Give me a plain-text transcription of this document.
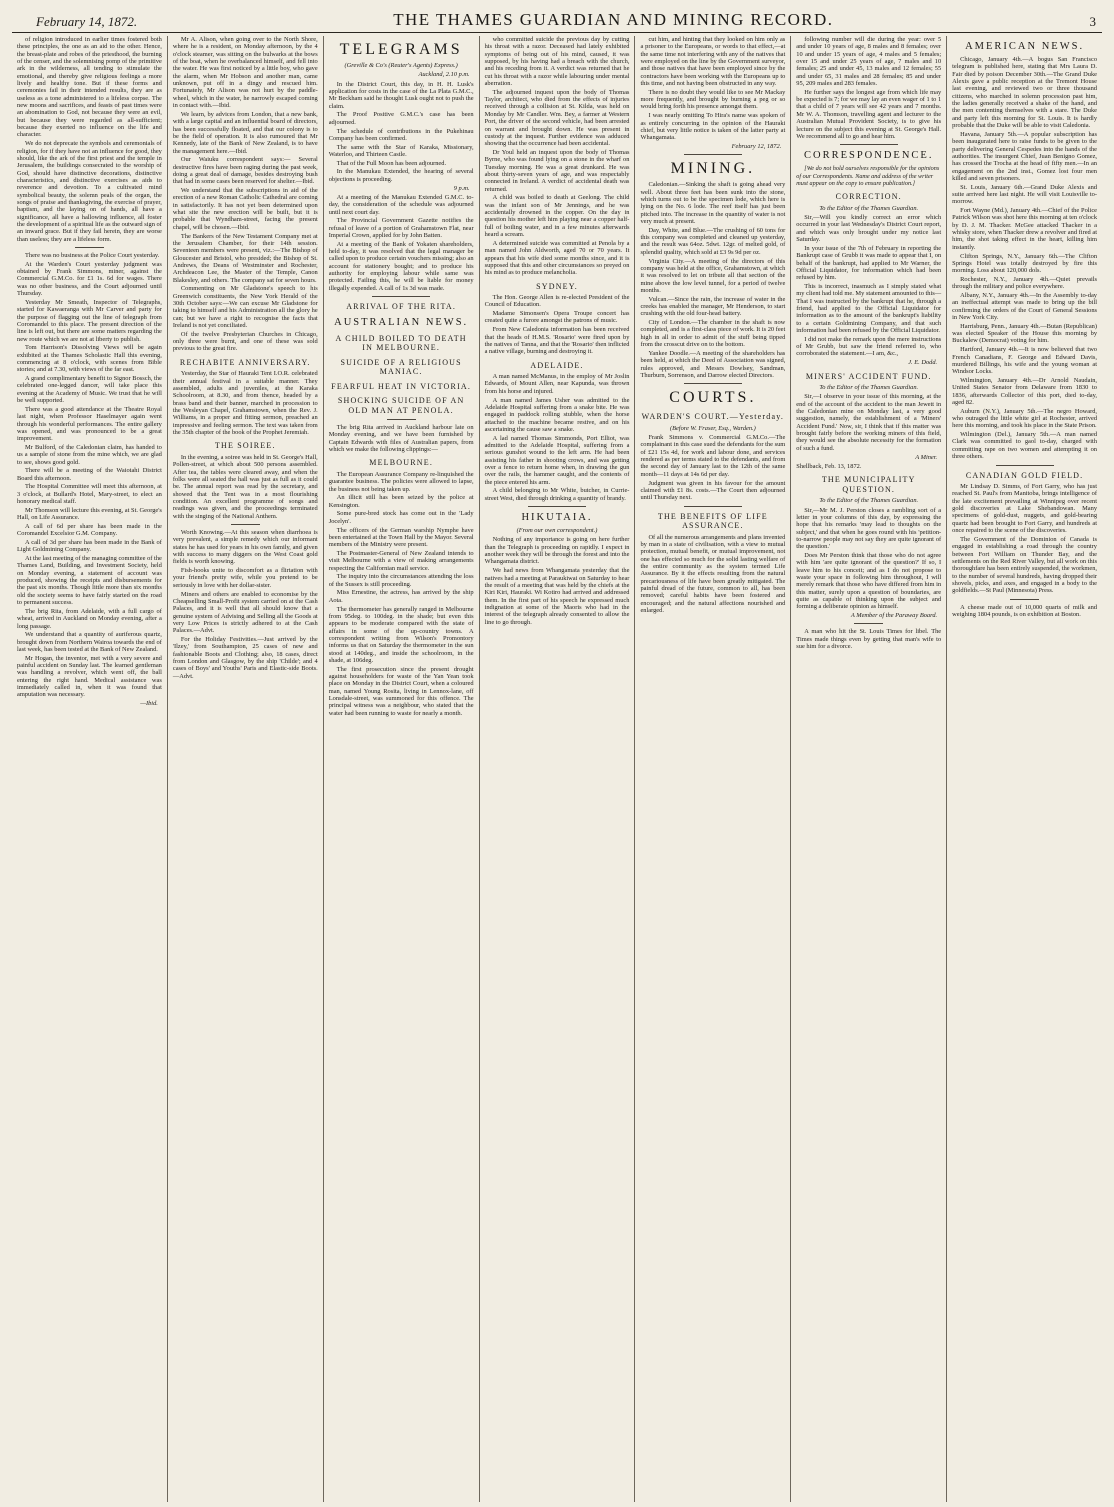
February 14, 1872.	THE THAMES GUARDIAN AND MINING RECORD.	3

of religion introduced in earlier times fostered both these principles, the one as an aid to the other. Hence, the breast-plate and robes of the priesthood, the burning of the censer, and the solemnising pomp of the primitive ark in the wilderness, all tending to stimulate the emotional, and thereby give religious feelings a more lively and healthy tone. But if these forms and ceremonies fail in their intended results, they are as useless as a tone administered to a lifeless corpse. The new moons and sacrifices, and feasts of past times were an abomination to God, not because they were an evil, but because they were regarded as all-sufficient; because they exerted no influence on the life and character.

We do not deprecate the symbols and ceremonials of religion, for if they have not an influence for good, they should, like the ark of the first priest and the temple in Jerusalem, the buildings consecrated to the worship of God, should have distinctive decorations, distinctive characteristics, and distinctive exercises as aids to reverence and devotion. To a cultivated mind symbolical beauty, the solemn peals of the organ, the songs of praise and thanksgiving, the exercise of prayer, baptism, and the laying on of hands, all have a significance, all have a hallowing influence, all foster the development of a spiritual life as the outward sign of an inward grace. But if they fail herein, they are worse than useless; they are a lifeless form.

There was no business at the Police Court yesterday.

At the Warden's Court yesterday judgment was obtained by Frank Simmons, miner, against the Commercial G.M.Co. for £1 1s. 6d for wages. There was no other business, and the Court adjourned until Thursday.

Yesterday Mr Smeath, Inspector of Telegraphs, started for Kawaeranga with Mr Carver and party for the purpose of flagging out the line of telegraph from Coromandel to this place. The present direction of the line is left out, but there are some matters regarding the new route which we are not at liberty to publish.

Tom Harrison's Dissolving Views will be again exhibited at the Thames Scholastic Hall this evening, commencing at 8 o'clock, with scenes from Bible stories; and at 7.30, with views of the far east.

A grand complimentary benefit to Signor Bossch, the celebrated one-legged dancer, will take place this evening at the Academy of Music. We trust that he will be well supported.

There was a good attendance at the Theatre Royal last night, when Professor Haselmayer again went through his wonderful performances. The entire gallery was opened, and was pronounced to be a great improvement.

Mr Bulford, of the Caledonian claim, has handed to us a sample of stone from the mine which, we are glad to see, shows good gold.

There will be a meeting of the Waiotahi District Board this afternoon.

The Hospital Committee will meet this afternoon, at 3 o'clock, at Bullard's Hotel, Mary-street, to elect an honorary medical staff.

Mr Thomson will lecture this evening, at St. George's Hall, on Life Assurance.

A call of 6d per share has been made in the Coromandel Excelsior G.M. Company.

A call of 3d per share has been made in the Bank of Light Goldmining Company.

At the last meeting of the managing committee of the Thames Land, Building, and Investment Society, held on Monday evening, a statement of account was produced, showing the receipts and disbursements for the past six months. Though little more than six months old the society seems to have fairly started on the road to permanent success.

The brig Rita, from Adelaide, with a full cargo of wheat, arrived in Auckland on Monday evening, after a long passage.

We understand that a quantity of auriferous quartz, brought down from Northern Wairoa towards the end of last week, has been tested at the Bank of New Zealand.

Mr Hogan, the inventor, met with a very severe and painful accident on Sunday last. The learned gentleman was handling a revolver, which went off, the ball entering the right hand. Medical assistance was immediately called in, when it was found that amputation was necessary.

—Ibid.

Mr A. Alison, when going over to the North Shore, where he is a resident, on Monday afternoon, by the 4 o'clock steamer, was sitting on the bulwarks at the bows of the boat, when he overbalanced himself, and fell into the water. He was first noticed by a little boy, who gave the alarm, when Mr Hobson and another man, came unknown, put off in a dingy and rescued him. Fortunately, Mr Alison was not hurt by the paddle-wheel, which in the water, he narrowly escaped coming in contact with.—Ibid.

We learn, by advices from London, that a new bank, with a large capital and an influential board of directors, has been successfully floated, and that our colony is to be the field of operation. It is also rumoured that Mr Kennedy, late of the Bank of New Zealand, is to have the management here.—Ibid.

Our Waiuku correspondent says:— Several destructive fires have been raging during the past week, doing a great deal of damage, besides destroying bush that had in some cases been reserved for shelter.—Ibid.

We understand that the subscriptions in aid of the erection of a new Roman Catholic Cathedral are coming in satisfactorily. It has not yet been determined upon what site the new erection will be built, but it is probable that Wyndham-street, facing the present chapel, will be chosen.—Ibid.

The Bankers of the New Testament Company met at the Jerusalem Chamber, for their 14th session. Seventeen members were present, viz.:—The Bishop of Gloucester and Bristol, who presided; the Bishop of St. Andrews, the Deans of Westminster and Rochester, Archdeacon Lee, the Master of the Temple, Canon Blakesley, and others. The company sat for seven hours.

Commenting on Mr Gladstone's speech to his Greenwich constituents, the New York Herald of the 30th October says:—We can excuse Mr Gladstone for taking to himself and his Administration all the glory he can; but we have a right to recognise the facts that Ireland is not yet conciliated.

Of the twelve Presbyterian Churches in Chicago, only three were burnt, and one of these was sold previous to the great fire.

RECHABITE ANNIVERSARY.

Yesterday, the Star of Hauraki Tent I.O.R. celebrated their annual festival in a suitable manner. They assembled, adults and juveniles, at the Karaka Schoolroom, at 8.30, and from thence, headed by a brass band and their banner, marched in procession to the Wesleyan Chapel, Grahamstown, when the Rev. J. Williams, in a proper and fitting sermon, preached an impressive and feeling sermon. The text was taken from the 35th chapter of the book of the Prophet Jeremiah.

THE SOIREE.

In the evening, a soiree was held in St. George's Hall, Pollen-street, at which about 500 persons assembled. After tea, the tables were cleared away, and when the folks were all seated the hall was just as full as it could be. The annual report was read by the secretary, and showed that the Tent was in a most flourishing condition. An excellent programme of songs and readings was given, and the proceedings terminated with the singing of the National Anthem.

Worth Knowing.—At this season when diarrhoea is very prevalent, a simple remedy which our informant states he has used for years in his own family, and given with success to many diggers on the West Coast gold fields is worth knowing.

Fish-hooks unite to discomfort as a flirtation with your friend's pretty wife, while you pretend to be seriously in love with her dollar-sister.

Miners and others are enabled to economise by the Cheapselling Small-Profit system carried on at the Cash Palaces, and it is well that all should know that a genuine system of Advising and Selling all the Goods at very Low Prices is strictly adhered to at the Cash Palaces.—Advt.

For the Holiday Festivities.—Just arrived by the 'Ilzey,' from Southampton, 25 cases of new and fashionable Boots and Clothing; also, 18 cases, direct from London and Glasgow, by the ship 'Childe'; and 4 cases of Boys' and Youths' Paris and Elastic-side Boots.—Advt.

TELEGRAMS
(Greville & Co's (Reuter's Agents) Express.)
Auckland, 2.10 p.m.

In the District Court, this day, in H. H. Lusk's application for costs in the case of the La Plata G.M.C., Mr Beckham said he thought Lusk ought not to push the claim.

The Proof Positive G.M.C.'s case has been adjourned.

The schedule of contributions in the Pukehinau Company has been confirmed.

The same with the Star of Karaka, Missionary, Waterloo, and Thirteen Castle.

That of the Full Moon has been adjourned.

In the Manukau Extended, the hearing of several objections is proceeding.

9 p.m.

At a meeting of the Manukau Extended G.M.C. to-day, the consideration of the schedule was adjourned until next court day.

The Provincial Government Gazette notifies the refusal of leave of a portion of Grahamstown Flat, near Imperial Crown, applied for by John Batten.

At a meeting of the Bank of Yokaten shareholders, held to-day, it was resolved that the legal manager be called upon to produce certain vouchers missing; also an account for stationery bought; and to produce his authority for employing labour while same was protected. Failing this, he will be liable for money illegally expended. A call of 1s 3d was made.

ARRIVAL OF THE RITA.
AUSTRALIAN NEWS.
A CHILD BOILED TO DEATH IN MELBOURNE.
SUICIDE OF A RELIGIOUS MANIAC.
FEARFUL HEAT IN VICTORIA.
SHOCKING SUICIDE OF AN OLD MAN AT PENOLA.

The brig Rita arrived in Auckland harbour late on Monday evening, and we have been furnished by Captain Edwards with files of Australian papers, from which we make the following clippings:—

MELBOURNE.

The European Assurance Company re-linquished the guarantee business. The policies were allowed to lapse, the business not being taken up.

An illicit still has been seized by the police at Kensington.

Some pure-bred stock has come out in the 'Lady Jocelyn'.

The officers of the German warship Nymphe have been entertained at the Town Hall by the Mayor. Several members of the Ministry were present.

The Postmaster-General of New Zealand intends to visit Melbourne with a view of making arrangements respecting the Californian mail service.

The inquiry into the circumstances attending the loss of the Sussex is still proceeding.

Miss Ernestine, the actress, has arrived by the ship Aota.

The thermometer has generally ranged in Melbourne from 95deg. to 100deg. in the shade; but even this appears to be moderate compared with the state of affairs in some of the up-country towns. A correspondent writing from Wilson's Promontory informs us that on Saturday the thermometer in the sun stood at 140deg., and inside the schoolroom, in the shade, at 106deg.

The first prosecution since the present drought against householders for waste of the Yan Yean took place on Monday in the District Court, when a coloured man, named Young Rosita, living in Lennox-lane, off Lonsdale-street, was summoned for this offence. The principal witness was a neighbour, who stated that the water had been running to waste for nearly a month.

who committed suicide the previous day by cutting his throat with a razor. Deceased had lately exhibited symptoms of being out of his mind, caused, it was supposed, by his having had a breach with the church, and his receding from it. A verdict was returned that he cut his throat with a razor while labouring under mental aberration.

The adjourned inquest upon the body of Thomas Taylor, architect, who died from the effects of injuries received through a collision at St. Kilda, was held on Monday by Mr Candler. Wm. Bey, a farmer at Western Port, the driver of the second vehicle, had been arrested on warrant and brought down. He was present in custody at the inquest. Further evidence was adduced showing that the occurrence had been accidental.

Dr Youl held an inquest upon the body of Thomas Byrne, who was found lying on a stone in the wharf on Tuesday morning. He was a great drunkard. He was about thirty-seven years of age, and was respectably connected in Ireland. A verdict of accidental death was returned.

A child was boiled to death at Geelong. The child was the infant son of Mr Jennings, and he was accidentally drowned in the copper. On the day in question his mother left him playing near a copper half-full of boiling water, and in a few minutes afterwards heard a scream.

A determined suicide was committed at Penola by a man named John Aldworth, aged 70 or 70 years. It appears that his wife died some months since, and it is supposed that this and other circumstances so preyed on his mind as to produce melancholia.

SYDNEY.

The Hon. George Allen is re-elected President of the Council of Education.

Madame Simonsen's Opera Troupe concert has created quite a furore amongst the patrons of music.

From New Caledonia information has been received that the heads of H.M.S. 'Rosario' were fired upon by the natives of Tanna, and that the 'Rosario' then inflicted a native village, burning and destroying it.

ADELAIDE.

A man named McManus, in the employ of Mr Joslin Edwards, of Mount Allen, near Kapunda, was thrown from his horse and injured.

A man named James Usher was admitted to the Adelaide Hospital suffering from a snake bite. He was engaged in paddock rolling stubble, when the horse attached to the machine became restive, and on his ascertaining the cause saw a snake.

A lad named Thomas Simmonds, Port Elliot, was admitted to the Adelaide Hospital, suffering from a serious gunshot wound to the left arm. He had been assisting his father in shooting crows, and was getting over a fence to return home when, in drawing the gun over the rails, the hammer caught, and the contents of the piece entered his arm.

A child belonging to Mr White, butcher, in Currie-street West, died through drinking a quantity of brandy.

HIKUTAIA.
(From our own correspondent.)

Nothing of any importance is going on here further than the Telegraph is proceeding on rapidly. I expect in another week they will be through the forest and into the Whangamata district.

We had news from Whangamata yesterday that the natives had a meeting at Paraukiwai on Saturday to hear the result of a meeting that was held by the chiefs at the Kiri Kiri, Hauraki. Wi Kotiro had arrived and addressed them. In the first part of his speech he expressed much indignation at some of the Maoris who had in the interest of the telegraph already consented to allow the line to go through.

cut him, and hinting that they looked on him only as a prisoner to the Europeans, or words to that effect,—at the same time not interfering with any of the natives that were employed on the line by the Government surveyor, and those natives that have been employed since by the contractors have been working with the Europeans up to this time, and not having been obstructed in any way.

There is no doubt they would like to see Mr Mackay more frequently, and brought by burning a peg or so would bring forth his presence amongst them.

I was nearly omitting To Hira's name was spoken of as entirely concurring in the opinion of the Hauraki chief, but very little notice is taken of the latter party at Whangamata.

February 12, 1872.
MINING.

Caledonian.—Sinking the shaft is going ahead very well. About three feet has been sunk into the stone, which turns out to be the specimen lode, which here is lying on the No. 6 lode. The reef itself has just been pitched into. The increase in the quantity of water is not very much at present.

Day, White, and Blue.—The crushing of 60 tons for this company was completed and cleaned up yesterday, and the result was 64oz. 5dwt. 12gr. of melted gold, of splendid quality, which sold at £3 9s 9d per oz.

Virginia City.—A meeting of the directors of this company was held at the office, Grahamstown, at which it was resolved to let on tribute all that section of the mine above the low level tunnel, for a period of twelve months.

Vulcan.—Since the rain, the increase of water in the creeks has enabled the manager, Mr Henderson, to start crushing with the old four-head battery.

City of London.—The chamber in the shaft is now completed, and is a first-class piece of work. It is 20 feet high in all in order to admit of the stuff being tipped from the crosscut drive on to the bottom.

Yankee Doodle.—A meeting of the shareholders has been held, at which the Deed of Association was signed, rules approved, and Messrs Dowlsey, Sandman, Thurburn, Sorrenson, and Darrow elected Directors.

COURTS.
WARDEN'S COURT.—Yesterday.
(Before W. Fraser, Esq., Warden.)

Frank Simmons v. Commercial G.M.Co.—The complainant in this case sued the defendants for the sum of £21 15s 4d, for work and labour done, and services rendered as per terms stated to the defendants, and from the second day of January last to the 12th of the same month—11 days at 14s 6d per day.

Judgment was given in his favour for the amount claimed with £1 8s. costs.—The Court then adjourned until Thursday next.

THE BENEFITS OF LIFE ASSURANCE.

Of all the numerous arrangements and plans invented by man in a state of civilisation, with a view to mutual protection, mutual benefit, or mutual improvement, not one has effected so much for the solid lasting welfare of the entire community as the system termed Life Assurance. By it the effects resulting from the natural precariousness of life have been greatly mitigated. The painful dread of the future, common to all, has been removed; careful habits have been fostered and encouraged; and the natural affections nourished and enlarged.

following number will die during the year: over 5 and under 10 years of age, 8 males and 8 females; over 10 and under 15 years of age, 4 males and 5 females; over 15 and under 25 years of age, 7 males and 10 females; 25 and under 45, 13 males and 12 females; 55 and under 65, 31 males and 28 females; 85 and under 95, 209 males and 283 females.

He further says the longest age from which life may be expected is 7; for we may lay an even wager of 1 to 1 that a child of 7 years will see 42 years and 7 months. Mr W. A. Thomson, travelling agent and lecturer to the Australian Mutual Provident Society, is to give his lecture on the subject this evening at St. George's Hall. We recommend all to go and hear him.

CORRESPONDENCE.

[We do not hold ourselves responsible for the opinions of our Correspondents. Name and address of the writer must appear on the copy to ensure publication.]

CORRECTION.
To the Editor of the Thames Guardian.

Sir,—Will you kindly correct an error which occurred in your last Wednesday's District Court report, and which was only brought under my notice last Saturday.

In your issue of the 7th of February in reporting the Bankrupt case of Grubb it was made to appear that I, on behalf of the bankrupt, had applied to Mr Warner, the Official Liquidator, for information which had been refused by him.

This is incorrect, inasmuch as I simply stated what my client had told me. My statement amounted to this—That I was instructed by the bankrupt that he, through a friend, had applied to the Official Liquidator for information as to the amount of the bankrupt's liability to a certain Goldmining Company, and that such information had been refused by the Official Liquidator.

I did not make the remark upon the mere instructions of Mr Grubb, but saw the friend referred to, who corroborated the statement.—I am, &c.,

J. E. Dodd.
MINERS' ACCIDENT FUND.
To the Editor of the Thames Guardian.

Sir,—I observe in your issue of this morning, at the end of the account of the accident to the man Jewett in the Caledonian mine on Monday last, a very good suggestion, namely, the establishment of a 'Miners' Accident Fund.' Now, sir, I think that if this matter was brought fairly before the working miners of this field, they would see the absolute necessity for the formation of such a fund.

A Miner.
Shellback, Feb. 13, 1872.
THE MUNICIPALITY QUESTION.
To the Editor of the Thames Guardian.

Sir,—Mr M. J. Perston closes a rambling sort of a letter in your columns of this day, by expressing the hope that his remarks 'may lead to thoughts on the subject,' and that when he goes round with his 'petition-to-narrow people may not say they are quite ignorant of the question.'

Does Mr Perston think that those who do not agree with him 'are quite ignorant of the question?' If so, I leave him to his conceit; and as I do not propose to waste your space in following him throughout, I will merely remark that those who have differed from him in this matter, surely upon a question of boundaries, are quite as capable of thinking upon the subject and forming a deliberate opinion as himself.

A Member of the Paraway Board.

A man who hit the St. Louis Times for libel. The Times made things even by getting that man's wife to sue him for a divorce.

AMERICAN NEWS.

Chicago, January 4th.—A bogus San Francisco telegram is published here, stating that Mrs Laura D. Fair died by poison December 30th.—The Grand Duke Alexis gave a public reception at the Tremont House last evening, and reviewed two or three thousand citizens, who marched in solemn procession past him, the ladies generally received a shake of the hand, and the men contenting themselves with a stare. The Duke and party left this morning for St. Louis. It is hardly probable that the Duke will be able to visit Caledonia.

Havana, January 5th.—A popular subscription has been inaugurated here to raise funds to be given to the party delivering General Cespedes into the hands of the authorities. The insurgent Chief, Juan Benigno Gomez, has crossed the Trocha at the head of fifty men.—In an engagement on the 2nd inst., Gomez lost four men killed and seven prisoners.

St. Louis, January 6th.—Grand Duke Alexis and suite arrived here last night. He will visit Louisville to-morrow.

Fort Wayne (Md.), January 4th.—Chief of the Police Patrick Wilson was shot here this morning at ten o'clock by D. J. M. Thacker. McGee attacked Thacker in a whisky store, when Thacker drew a revolver and fired at him, the shot taking effect in the heart, killing him instantly.

Clifton Springs, N.Y., January 6th.—The Clifton Springs Hotel was totally destroyed by fire this morning. Loss about 120,000 dols.

Rochester, N.Y., January 4th.—Quiet prevails through the military and police everywhere.

Albany, N.Y., January 4th.—In the Assembly to-day an ineffectual attempt was made to bring up the bill confirming the orders of the Court of General Sessions in New York City.

Harrisburg, Penn., January 4th.—Butan (Republican) was elected Speaker of the House this morning by Buckalew (Democrat) voting for him.

Hartford, January 4th.—It is now believed that two French Canadians, F. George and Edward Davis, murdered Billings, his wife and the young woman at Windsor Locks.

Wilmington, January 4th.—Dr Arnold Naudain, United States Senator from Delaware from 1830 to 1836, afterwards Collector of this port, died to-day, aged 82.

Auburn (N.Y.), January 5th.—The negro Howard, who outraged the little white girl at Rochester, arrived here this morning, and took his place in the State Prison.

Wilmington (Del.), January 5th.—A man named Clark was committed to gaol to-day, charged with committing rape on two women and attempting it on three others.

CANADIAN GOLD FIELD.

Mr Lindsay D. Simms, of Fort Garry, who has just reached St. Paul's from Manitoba, brings intelligence of the late excitement prevailing at Winnipeg over recent gold discoveries at Lake Shebandowan. Many specimens of gold-dust, nuggets, and gold-bearing quartz had been brought to Fort Garry, and hundreds at once repaired to the scene of the discoveries.

The Government of the Dominion of Canada is engaged in establishing a road through the country between Fort William on Thunder Bay, and the settlements on the Red River Valley, but all work on this thoroughfare has been entirely suspended, the workmen, to the number of several hundreds, having dropped their shovels, picks, and axes, and engaged in a body to the goldfields.—St Paul (Minnesota) Press.

A cheese made out of 10,000 quarts of milk and weighing 1804 pounds, is on exhibition at Boston.
